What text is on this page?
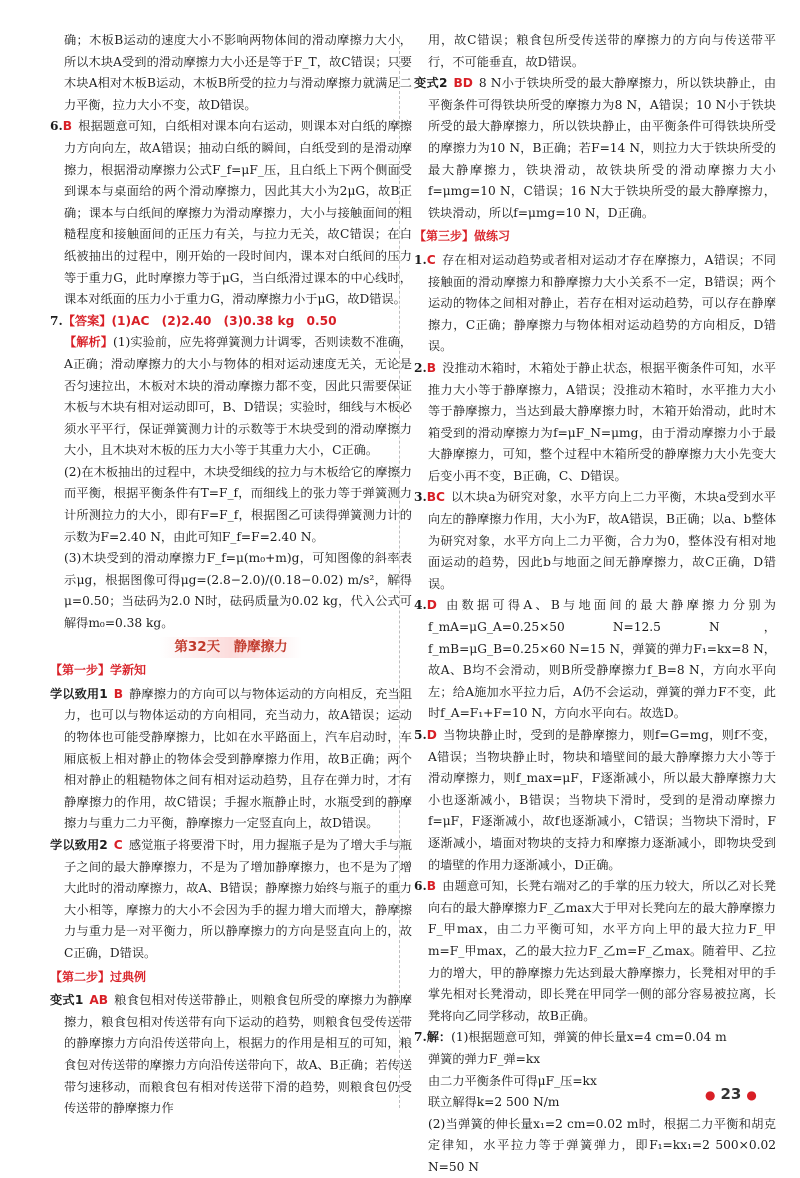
确；木板B运动的速度大小不影响两物体间的滑动摩擦力大小，所以木块A受到的滑动摩擦力大小还是等于F_T，故C错误；只要木块A相对木板B运动，木板B所受的拉力与滑动摩擦力就满足二力平衡，拉力大小不变，故D错误。

6.B 根据题意可知，白纸相对课本向右运动，则课本对白纸的摩擦力方向向左，故A错误；抽动白纸的瞬间，白纸受到的是滑动摩擦力，根据滑动摩擦力公式F_f=μF_压，且白纸上下两个侧面受到课本与桌面给的两个滑动摩擦力，因此其大小为2μG，故B正确；课本与白纸间的摩擦力为滑动摩擦力，大小与接触面间的粗糙程度和接触面间的正压力有关，与拉力无关，故C错误；在白纸被抽出的过程中，刚开始的一段时间内，课本对白纸间的压力等于重力G，此时摩擦力等于μG，当白纸滑过课本的中心线时，课本对纸面的压力小于重力G，滑动摩擦力小于μG，故D错误。

7.【答案】(1)AC　(2)2.40　(3)0.38 kg　0.50

【解析】(1)实验前，应先将弹簧测力计调零，否则读数不准确，A正确；滑动摩擦力的大小与物体的相对运动速度无关，无论是否匀速拉出，木板对木块的滑动摩擦力都不变，因此只需要保证木板与木块有相对运动即可，B、D错误；实验时，细线与木板必须水平平行，保证弹簧测力计的示数等于木块受到的滑动摩擦力大小，且木块对木板的压力大小等于其重力大小，C正确。

(2)在木板抽出的过程中，木块受细线的拉力与木板给它的摩擦力而平衡，根据平衡条件有T=F_f，而细线上的张力等于弹簧测力计所测拉力的大小，即有F=F_f，根据图乙可读得弹簧测力计的示数为F=2.40 N，由此可知F_f=F=2.40 N。

(3)木块受到的滑动摩擦力F_f=μ(m₀+m)g，可知图像的斜率表示μg，根据图像可得μg=(2.8−2.0)/(0.18−0.02) m/s²，解得μ=0.50；当砝码为2.0 N时，砝码质量为0.02 kg，代入公式可解得m₀=0.38 kg。

第32天　静摩擦力
【第一步】学新知

学以致用1 B 静摩擦力的方向可以与物体运动的方向相反，充当阻力，也可以与物体运动的方向相同，充当动力，故A错误；运动的物体也可能受静摩擦力，比如在水平路面上，汽车启动时，车厢底板上相对静止的物体会受到静摩擦力作用，故B正确；两个相对静止的粗糙物体之间有相对运动趋势，且存在弹力时，才有静摩擦力的作用，故C错误；手握水瓶静止时，水瓶受到的静摩擦力与重力二力平衡，静摩擦力一定竖直向上，故D错误。

学以致用2 C 感觉瓶子将要滑下时，用力握瓶子是为了增大手与瓶子之间的最大静摩擦力，不是为了增加静摩擦力，也不是为了增大此时的滑动摩擦力，故A、B错误；静摩擦力始终与瓶子的重力大小相等，摩擦力的大小不会因为手的握力增大而增大，静摩擦力与重力是一对平衡力，所以静摩擦力的方向是竖直向上的，故C正确，D错误。

【第二步】过典例

变式1 AB 粮食包相对传送带静止，则粮食包所受的摩擦力为静摩擦力，粮食包相对传送带有向下运动的趋势，则粮食包受传送带的静摩擦力方向沿传送带向上，根据力的作用是相互的可知，粮食包对传送带的摩擦力方向沿传送带向下，故A、B正确；若传送带匀速移动，而粮食包有相对传送带下滑的趋势，则粮食包仍受传送带的静摩擦力作

用，故C错误；粮食包所受传送带的摩擦力的方向与传送带平行，不可能垂直，故D错误。

变式2 BD 8 N小于铁块所受的最大静摩擦力，所以铁块静止，由平衡条件可得铁块所受的摩擦力为8 N，A错误；10 N小于铁块所受的最大静摩擦力，所以铁块静止，由平衡条件可得铁块所受的摩擦力为10 N，B正确；若F=14 N，则拉力大于铁块所受的最大静摩擦力，铁块滑动，故铁块所受的滑动摩擦力大小f=μmg=10 N，C错误；16 N大于铁块所受的最大静摩擦力，铁块滑动，所以f=μmg=10 N，D正确。

【第三步】做练习

1.C 存在相对运动趋势或者相对运动才存在摩擦力，A错误；不同接触面的滑动摩擦力和静摩擦力大小关系不一定，B错误；两个运动的物体之间相对静止，若存在相对运动趋势，可以存在静摩擦力，C正确；静摩擦力与物体相对运动趋势的方向相反，D错误。

2.B 没推动木箱时，木箱处于静止状态，根据平衡条件可知，水平推力大小等于静摩擦力，A错误；没推动木箱时，水平推力大小等于静摩擦力，当达到最大静摩擦力时，木箱开始滑动，此时木箱受到的滑动摩擦力为f=μF_N=μmg，由于滑动摩擦力小于最大静摩擦力，可知，整个过程中木箱所受的静摩擦力大小先变大后变小再不变，B正确，C、D错误。

3.BC 以木块a为研究对象，水平方向上二力平衡，木块a受到水平向左的静摩擦力作用，大小为F，故A错误，B正确；以a、b整体为研究对象，水平方向上二力平衡，合力为0，整体没有相对地面运动的趋势，因此b与地面之间无静摩擦力，故C正确，D错误。

4.D 由数据可得A、B与地面间的最大静摩擦力分别为f_mA=μG_A=0.25×50 N=12.5 N，f_mB=μG_B=0.25×60 N=15 N，弹簧的弹力F₁=kx=8 N，故A、B均不会滑动，则B所受静摩擦力f_B=8 N，方向水平向左；给A施加水平拉力后，A仍不会运动，弹簧的弹力F不变，此时f_A=F₁+F=10 N，方向水平向右。故选D。

5.D 当物块静止时，受到的是静摩擦力，则f=G=mg，则f不变，A错误；当物块静止时，物块和墙壁间的最大静摩擦力大小等于滑动摩擦力，则f_max=μF，F逐渐减小，所以最大静摩擦力大小也逐渐减小，B错误；当物块下滑时，受到的是滑动摩擦力f=μF，F逐渐减小，故f也逐渐减小，C错误；当物块下滑时，F逐渐减小，墙面对物块的支持力和摩擦力逐渐减小，即物块受到的墙壁的作用力逐渐减小，D正确。

6.B 由题意可知，长凳右端对乙的手掌的压力较大，所以乙对长凳向右的最大静摩擦力F_乙max大于甲对长凳向左的最大静摩擦力F_甲max，由二力平衡可知，水平方向上甲的最大拉力F_甲m=F_甲max，乙的最大拉力F_乙m=F_乙max。随着甲、乙拉力的增大，甲的静摩擦力先达到最大静摩擦力，长凳相对甲的手掌先相对长凳滑动，即长凳在甲同学一侧的部分容易被拉离，长凳将向乙同学移动，故B正确。

7.解：(1)根据题意可知，弹簧的伸长量x=4 cm=0.04 m

弹簧的弹力F_弹=kx

由二力平衡条件可得μF_压=kx

联立解得k=2 500 N/m

(2)当弹簧的伸长量x₁=2 cm=0.02 m时，根据二力平衡和胡克定律知，水平拉力等于弹簧弹力，即F₁=kx₁=2 500×0.02 N=50 N

● 23 ●
